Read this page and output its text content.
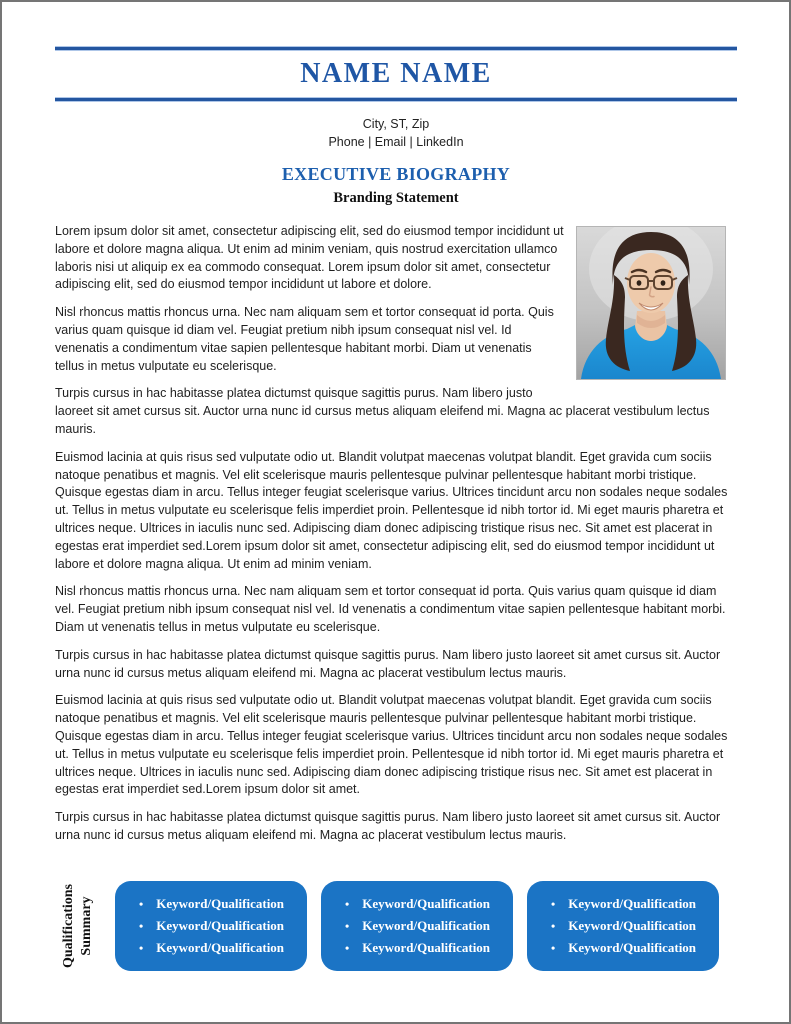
NAME NAME
City, ST, Zip
Phone | Email | LinkedIn
EXECUTIVE BIOGRAPHY
Branding Statement

Lorem ipsum dolor sit amet, consectetur adipiscing elit, sed do eiusmod tempor incididunt ut labore et dolore magna aliqua. Ut enim ad minim veniam, quis nostrud exercitation ullamco laboris nisi ut aliquip ex ea commodo consequat. Lorem ipsum dolor sit amet, consectetur adipiscing elit, sed do eiusmod tempor incididunt ut labore et dolore.

Nisl rhoncus mattis rhoncus urna. Nec nam aliquam sem et tortor consequat id porta. Quis varius quam quisque id diam vel. Feugiat pretium nibh ipsum consequat nisl vel. Id venenatis a condimentum vitae sapien pellentesque habitant morbi. Diam ut venenatis tellus in metus vulputate eu scelerisque.

Turpis cursus in hac habitasse platea dictumst quisque sagittis purus. Nam libero justo laoreet sit amet cursus sit. Auctor urna nunc id cursus metus aliquam eleifend mi. Magna ac placerat vestibulum lectus mauris.

Euismod lacinia at quis risus sed vulputate odio ut. Blandit volutpat maecenas volutpat blandit. Eget gravida cum sociis natoque penatibus et magnis. Vel elit scelerisque mauris pellentesque pulvinar pellentesque habitant morbi tristique. Quisque egestas diam in arcu. Tellus integer feugiat scelerisque varius. Ultrices tincidunt arcu non sodales neque sodales ut. Tellus in metus vulputate eu scelerisque felis imperdiet proin. Pellentesque id nibh tortor id. Mi eget mauris pharetra et ultrices neque. Ultrices in iaculis nunc sed. Adipiscing diam donec adipiscing tristique risus nec. Sit amet est placerat in egestas erat imperdiet sed.Lorem ipsum dolor sit amet, consectetur adipiscing elit, sed do eiusmod tempor incididunt ut labore et dolore magna aliqua. Ut enim ad minim veniam.

Nisl rhoncus mattis rhoncus urna. Nec nam aliquam sem et tortor consequat id porta. Quis varius quam quisque id diam vel. Feugiat pretium nibh ipsum consequat nisl vel. Id venenatis a condimentum vitae sapien pellentesque habitant morbi. Diam ut venenatis tellus in metus vulputate eu scelerisque.

Turpis cursus in hac habitasse platea dictumst quisque sagittis purus. Nam libero justo laoreet sit amet cursus sit. Auctor urna nunc id cursus metus aliquam eleifend mi. Magna ac placerat vestibulum lectus mauris.

Euismod lacinia at quis risus sed vulputate odio ut. Blandit volutpat maecenas volutpat blandit. Eget gravida cum sociis natoque penatibus et magnis. Vel elit scelerisque mauris pellentesque pulvinar pellentesque habitant morbi tristique. Quisque egestas diam in arcu. Tellus integer feugiat scelerisque varius. Ultrices tincidunt arcu non sodales neque sodales ut. Tellus in metus vulputate eu scelerisque felis imperdiet proin. Pellentesque id nibh tortor id. Mi eget mauris pharetra et ultrices neque. Ultrices in iaculis nunc sed. Adipiscing diam donec adipiscing tristique risus nec. Sit amet est placerat in egestas erat imperdiet sed.Lorem ipsum dolor sit amet.

Turpis cursus in hac habitasse platea dictumst quisque sagittis purus. Nam libero justo laoreet sit amet cursus sit. Auctor urna nunc id cursus metus aliquam eleifend mi. Magna ac placerat vestibulum lectus mauris.

Qualifications Summary	• Keyword/Qualification
• Keyword/Qualification
• Keyword/Qualification
• Keyword/Qualification
• Keyword/Qualification
• Keyword/Qualification
• Keyword/Qualification
• Keyword/Qualification
• Keyword/Qualification
